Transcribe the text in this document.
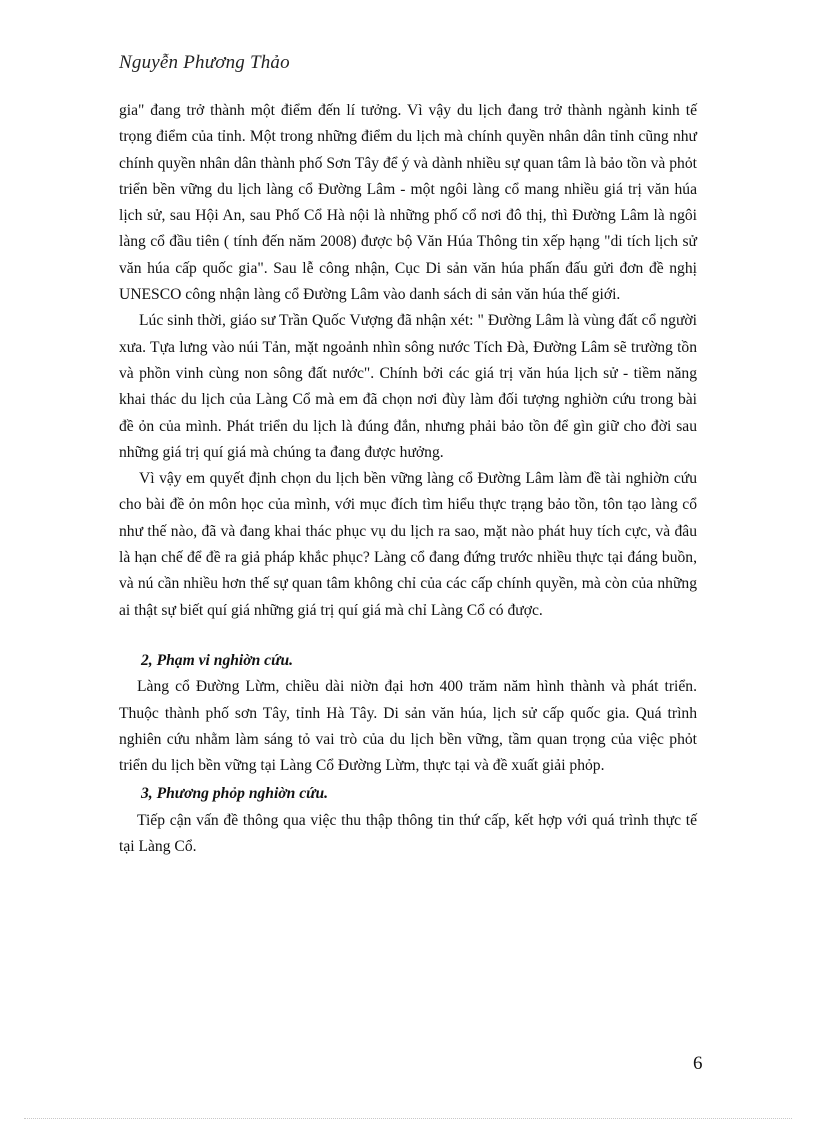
Nguyễn Phương Thảo

gia" đang trở thành một điểm đến lí tưởng. Vì vậy du lịch đang trở thành ngành kinh tế trọng điểm của tỉnh. Một trong những điểm du lịch mà chính quyền nhân dân tỉnh cũng như chính quyền nhân dân thành phố Sơn Tây để ý và dành nhiều sự quan tâm là bảo tồn và phỏt triển bền vững du lịch làng cổ Đường Lâm - một ngôi làng cổ mang nhiều giá trị văn húa lịch sử, sau Hội An, sau Phố Cổ Hà nội là những phố cổ nơi đô thị, thì Đường Lâm là ngôi làng cổ đầu tiên ( tính đến năm 2008) được bộ Văn Húa Thông tin xếp hạng "di tích lịch sử văn húa cấp quốc gia". Sau lễ công nhận, Cục Di sản văn húa phấn đấu gửi đơn đề nghị UNESCO công nhận làng cổ Đường Lâm vào danh sách di sản văn húa thế giới.

Lúc sinh thời, giáo sư Trần Quốc Vượng đã nhận xét: " Đường Lâm là vùng đất cổ người xưa. Tựa lưng vào núi Tản, mặt ngoảnh nhìn sông nước Tích Đà, Đường Lâm sẽ trường tồn và phồn vinh cùng non sông đất nước". Chính bởi các giá trị văn húa lịch sử - tiềm năng khai thác du lịch của Làng Cổ mà em đã chọn nơi đùy làm đối tượng nghiờn cứu trong bài đề ỏn của mình. Phát triển du lịch là đúng đắn, nhưng phải bảo tồn để gìn giữ cho đời sau những giá trị quí giá mà chúng ta đang được hưởng.

Vì vậy em quyết định chọn du lịch bền vững làng cổ Đường Lâm làm đề tài nghiờn cứu cho bài đề ỏn môn học của mình, với mục đích tìm hiểu thực trạng bảo tồn, tôn tạo làng cổ như thế nào, đã và đang khai thác phục vụ du lịch ra sao, mặt nào phát huy tích cực, và đâu là hạn chế để đề ra giả pháp khắc phục? Làng cổ đang đứng trước nhiều thực tại đáng buồn, và nú cần nhiều hơn thế sự quan tâm không chỉ của các cấp chính quyền, mà còn của những ai thật sự biết quí giá những giá trị quí giá mà chỉ Làng Cổ có được.

2, Phạm vi nghiờn cứu.

Làng cổ Đường Lừm, chiều dài niờn đại hơn 400 trăm năm hình thành và phát triển. Thuộc thành phố sơn Tây, tỉnh Hà Tây. Di sản văn húa, lịch sử cấp quốc gia. Quá trình nghiên cứu nhằm làm sáng tỏ vai trò của du lịch bền vững, tầm quan trọng của việc phỏt triển du lịch bền vững tại Làng Cổ Đường Lừm, thực tại và đề xuất giải phỏp.

3, Phương phỏp nghiờn cứu.

Tiếp cận vấn đề thông qua việc thu thập thông tin thứ cấp, kết hợp với quá trình thực tế tại Làng Cổ.

6
